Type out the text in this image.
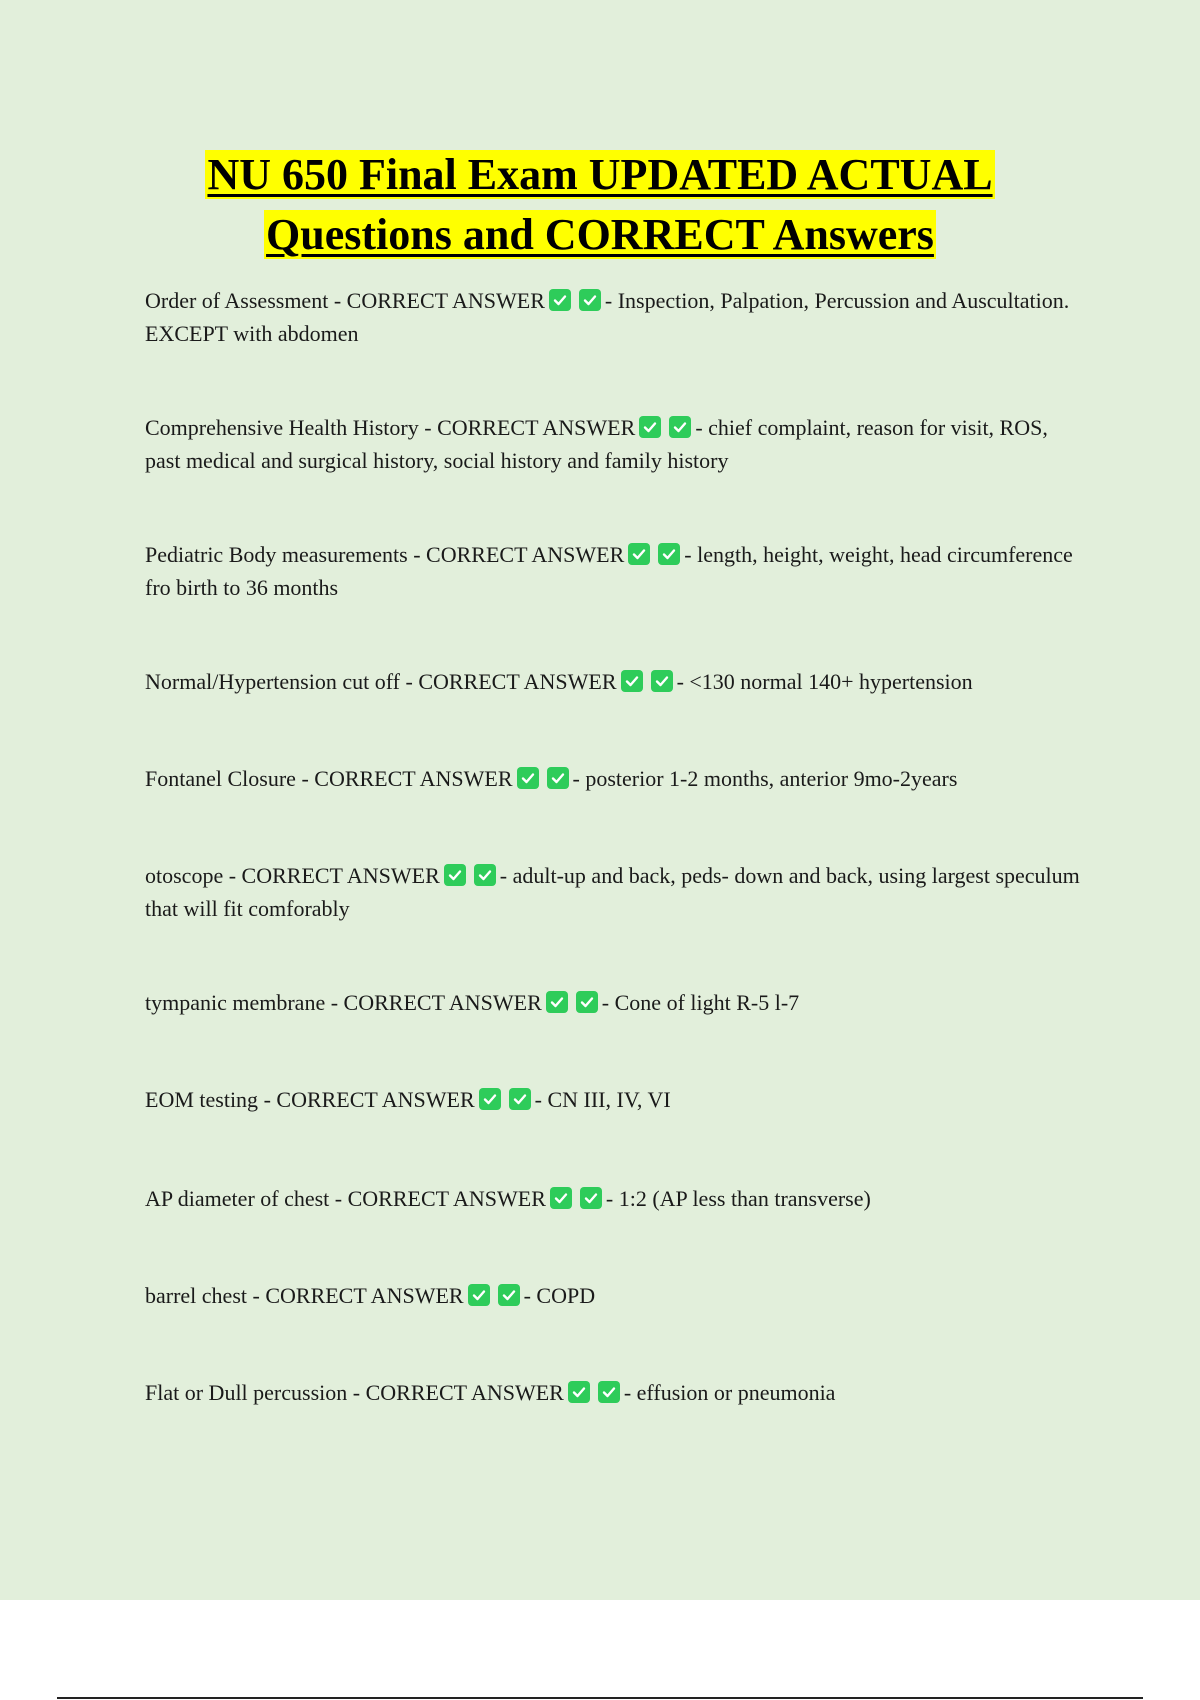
NU 650 Final Exam UPDATED ACTUAL
Questions and CORRECT Answers
Order of Assessment - CORRECT ANSWER	- Inspection, Palpation, Percussion and Auscultation. EXCEPT with abdomen
Comprehensive Health History - CORRECT ANSWER	- chief complaint, reason for visit, ROS, past medical and surgical history, social history and family history
Pediatric Body measurements - CORRECT ANSWER	- length, height, weight, head circumference fro birth to 36 months
Normal/Hypertension cut off - CORRECT ANSWER	- <130 normal 140+ hypertension
Fontanel Closure - CORRECT ANSWER	- posterior 1-2 months, anterior 9mo-2years
otoscope - CORRECT ANSWER	- adult-up and back, peds- down and back, using largest speculum that will fit comforably
tympanic membrane - CORRECT ANSWER	- Cone of light R-5 l-7
EOM testing - CORRECT ANSWER	- CN III, IV, VI
AP diameter of chest - CORRECT ANSWER	- 1:2 (AP less than transverse)
barrel chest - CORRECT ANSWER	- COPD
Flat or Dull percussion - CORRECT ANSWER	- effusion or pneumonia
